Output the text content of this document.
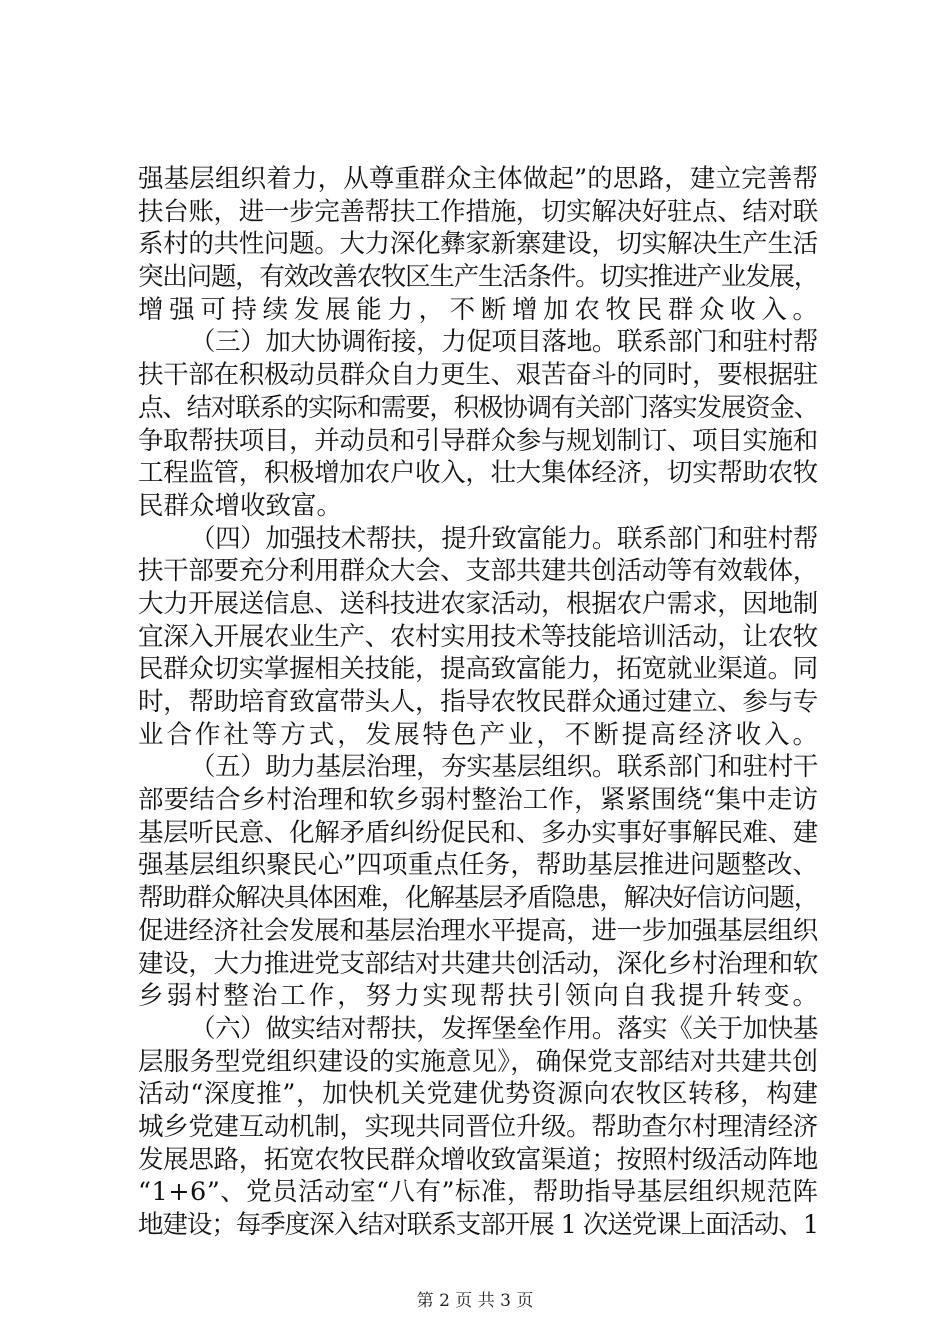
强基层组织着力，从尊重群众主体做起”的思路，建立完善帮
扶台账，进一步完善帮扶工作措施，切实解决好驻点、结对联
系村的共性问题。大力深化彝家新寨建设，切实解决生产生活
突出问题，有效改善农牧区生产生活条件。切实推进产业发展，
增强可持续发展能力，不断增加农牧民群众收入。
（三）加大协调衔接，力促项目落地。联系部门和驻村帮
扶干部在积极动员群众自力更生、艰苦奋斗的同时，要根据驻
点、结对联系的实际和需要，积极协调有关部门落实发展资金、
争取帮扶项目，并动员和引导群众参与规划制订、项目实施和
工程监管，积极增加农户收入，壮大集体经济，切实帮助农牧
民群众增收致富。
（四）加强技术帮扶，提升致富能力。联系部门和驻村帮
扶干部要充分利用群众大会、支部共建共创活动等有效载体，
大力开展送信息、送科技进农家活动，根据农户需求，因地制
宜深入开展农业生产、农村实用技术等技能培训活动，让农牧
民群众切实掌握相关技能，提高致富能力，拓宽就业渠道。同
时，帮助培育致富带头人，指导农牧民群众通过建立、参与专
业合作社等方式，发展特色产业，不断提高经济收入。
（五）助力基层治理，夯实基层组织。联系部门和驻村干
部要结合乡村治理和软乡弱村整治工作，紧紧围绕“集中走访
基层听民意、化解矛盾纠纷促民和、多办实事好事解民难、建
强基层组织聚民心”四项重点任务，帮助基层推进问题整改、
帮助群众解决具体困难，化解基层矛盾隐患，解决好信访问题，
促进经济社会发展和基层治理水平提高，进一步加强基层组织
建设，大力推进党支部结对共建共创活动，深化乡村治理和软
乡弱村整治工作，努力实现帮扶引领向自我提升转变。
（六）做实结对帮扶，发挥堡垒作用。落实《关于加快基
层服务型党组织建设的实施意见》，确保党支部结对共建共创
活动“深度推”，加快机关党建优势资源向农牧区转移，构建
城乡党建互动机制，实现共同晋位升级。帮助查尔村理清经济
发展思路，拓宽农牧民群众增收致富渠道；按照村级活动阵地
“1+6”、党员活动室“八有”标准，帮助指导基层组织规范阵
地建设；每季度深入结对联系支部开展 1 次送党课上面活动、1
第 2 页 共 3 页
